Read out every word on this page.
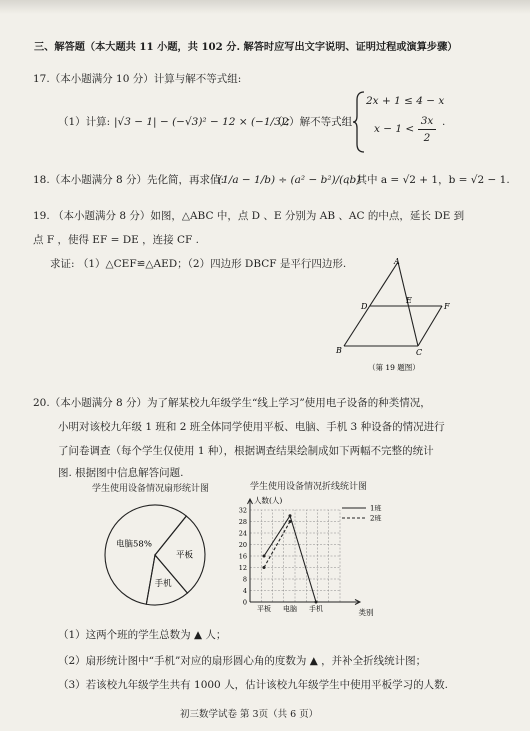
三、解答题（本大题共 11 小题，共 102 分. 解答时应写出文字说明、证明过程或演算步骤）
17.（本小题满分 10 分）计算与解不等式组:
（1）计算: |√3 − 1| − (−√3)² − 12 × (−1/3)；
（2）解不等式组
2x + 1 ≤ 4 − x
x − 1 <
3x
2
.
18.（本小题满分 8 分）先化简，再求值:
(1/a − 1/b) ÷ (a² − b²)/(ab)
，其中 a = √2 + 1，b = √2 − 1.
19. （本小题满分 8 分）如图，△ABC 中，点 D 、E 分别为 AB 、AC 的中点，延长 DE 到
点 F ，使得 EF = DE ，连接 CF .
求证: （1）△CEF≌△AED；（2）四边形 DBCF 是平行四边形.	A
D
E
F
B	C
（第 19 题图）
20.（本小题满分 8 分）为了解某校九年级学生“线上学习”使用电子设备的种类情况，
小明对该校九年级 1 班和 2 班全体同学使用平板、电脑、手机 3 种设备的情况进行
了问卷调查（每个学生仅使用 1 种），根据调查结果绘制成如下两幅不完整的统计
图. 根据图中信息解答问题.
学生使用设备情况扇形统计图
电脑58%
平板
手机
学生使用设备情况折线统计图
0
4
8
12
16
20
24
28
32
人数(人)
平板 电脑 手机	类别
1班
2班
（1）这两个班的学生总数为 ▲ 人；
（2）扇形统计图中“手机”对应的扇形圆心角的度数为 ▲ ，并补全折线统计图；
（3）若该校九年级学生共有 1000 人，估计该校九年级学生中使用平板学习的人数.
初三数学试卷 第 3页（共 6 页）
